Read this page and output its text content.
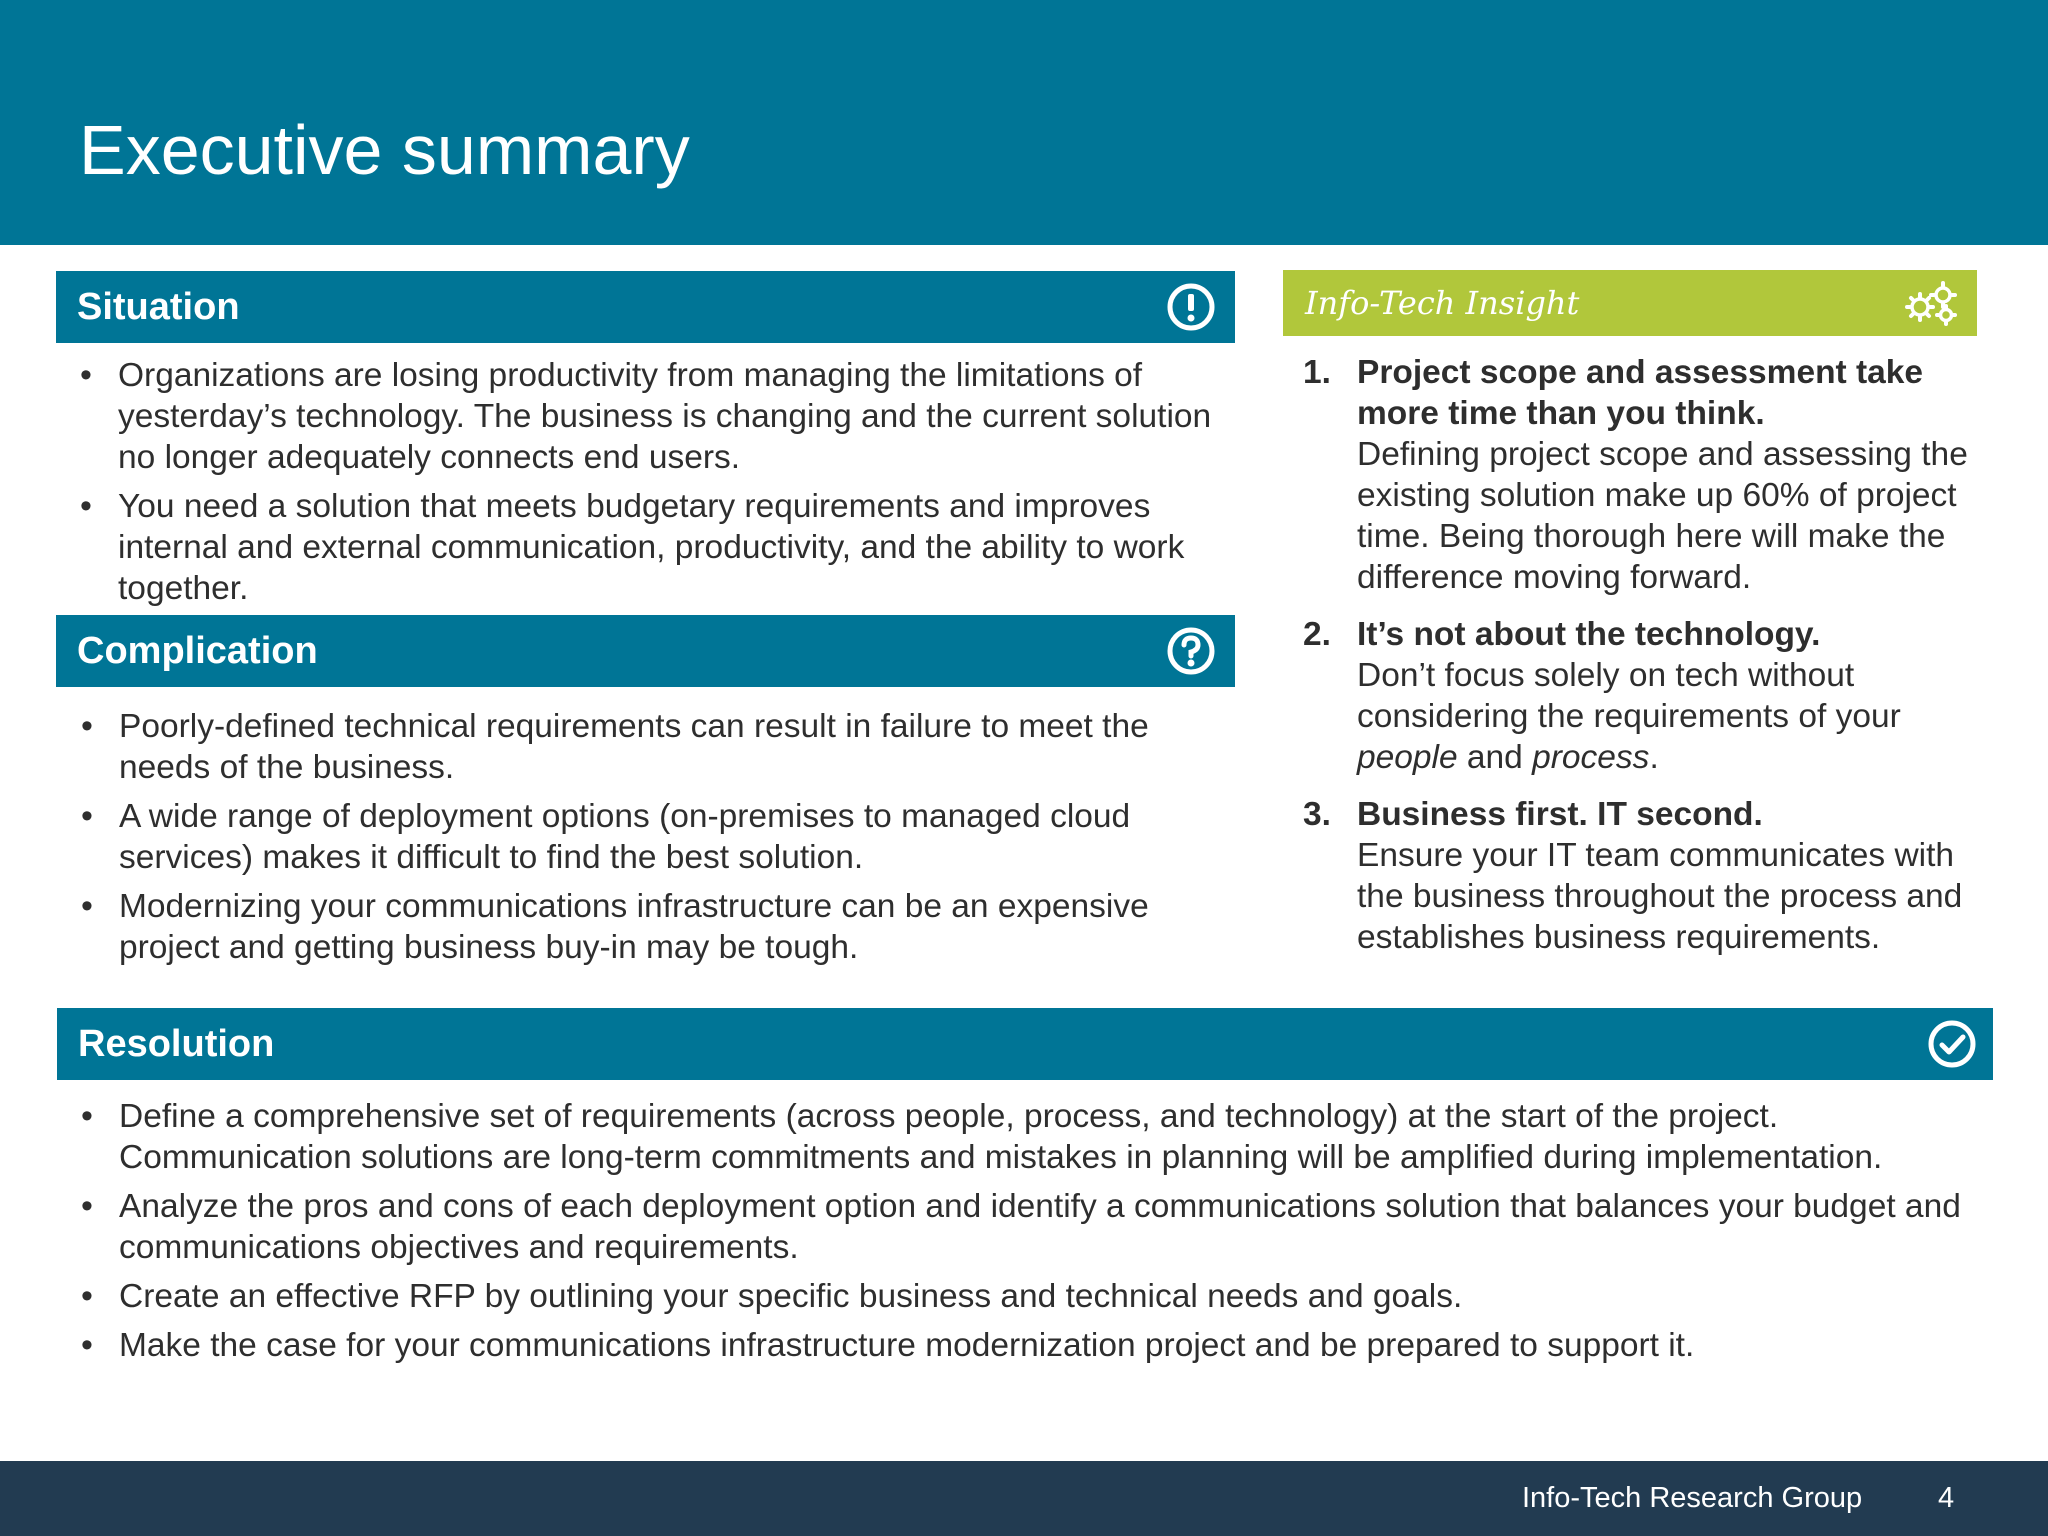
Executive summary
Situation
• Organizations are losing productivity from managing the limitations of yesterday’s technology. The business is changing and the current solution no longer adequately connects end users.
• You need a solution that meets budgetary requirements and improves internal and external communication, productivity, and the ability to work together.
Complication
• Poorly-defined technical requirements can result in failure to meet the needs of the business.
• A wide range of deployment options (on-premises to managed cloud services) makes it difficult to find the best solution.
• Modernizing your communications infrastructure can be an expensive project and getting business buy-in may be tough.
Info-Tech Insight
1. Project scope and assessment take more time than you think.
Defining project scope and assessing the existing solution make up 60% of project time. Being thorough here will make the difference moving forward.
2. It’s not about the technology.
Don’t focus solely on tech without considering the requirements of your people and process.
3. Business first. IT second.
Ensure your IT team communicates with the business throughout the process and establishes business requirements.
Resolution
• Define a comprehensive set of requirements (across people, process, and technology) at the start of the project. Communication solutions are long-term commitments and mistakes in planning will be amplified during implementation.
• Analyze the pros and cons of each deployment option and identify a communications solution that balances your budget and communications objectives and requirements.
• Create an effective RFP by outlining your specific business and technical needs and goals.
• Make the case for your communications infrastructure modernization project and be prepared to support it.
Info-Tech Research Group	4
